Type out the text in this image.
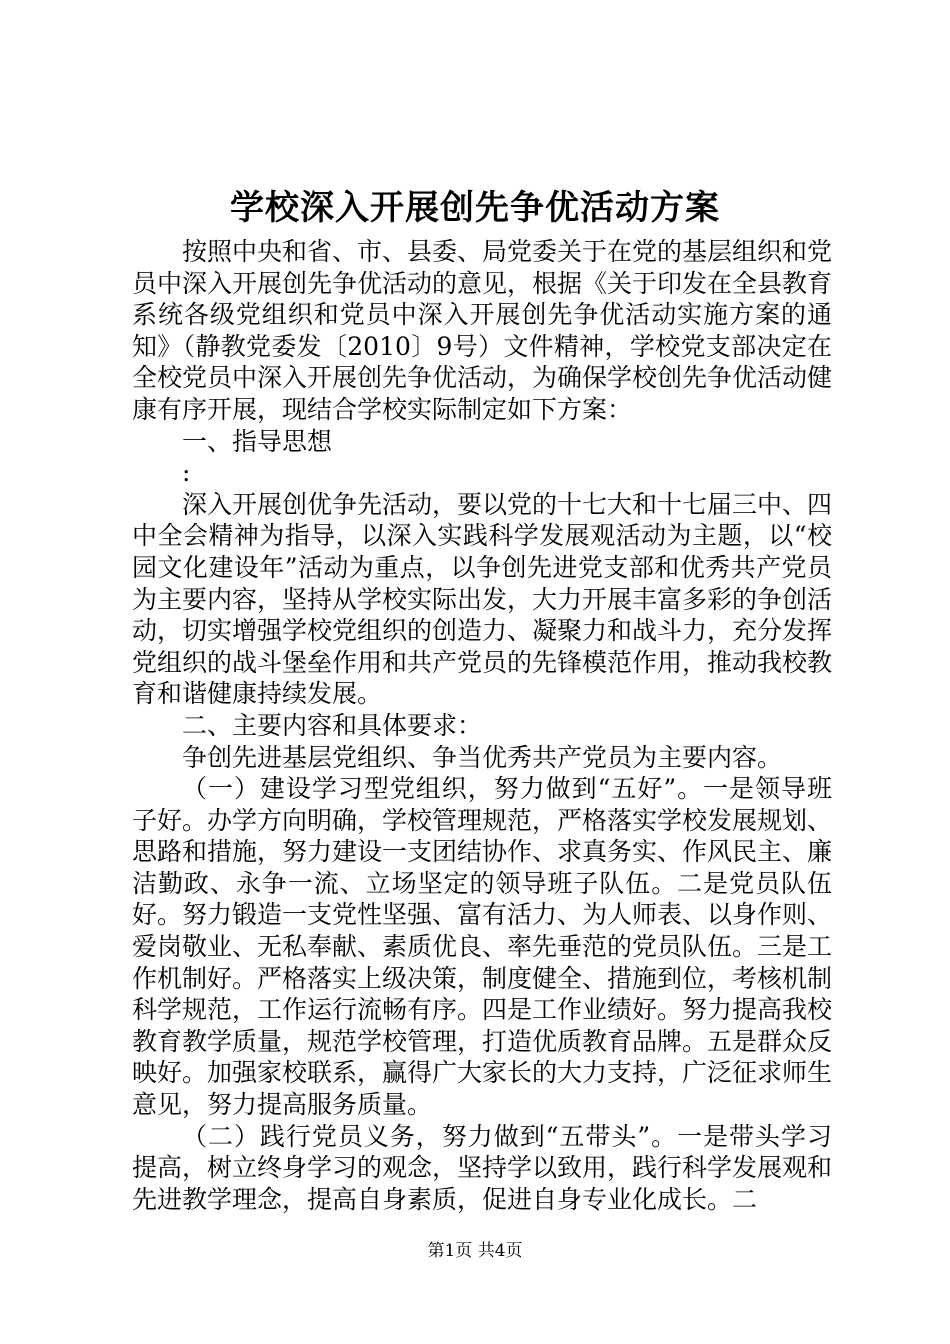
学校深入开展创先争优活动方案

按照中央和省、市、县委、局党委关于在党的基层组织和党员中深入开展创先争优活动的意见，根据《关于印发在全县教育系统各级党组织和党员中深入开展创先争优活动实施方案的通知》（静教党委发〔2010〕9号）文件精神，学校党支部决定在全校党员中深入开展创先争优活动，为确保学校创先争优活动健康有序开展，现结合学校实际制定如下方案：

一、指导思想

:

深入开展创优争先活动，要以党的十七大和十七届三中、四中全会精神为指导，以深入实践科学发展观活动为主题，以“校园文化建设年”活动为重点，以争创先进党支部和优秀共产党员为主要内容，坚持从学校实际出发，大力开展丰富多彩的争创活动，切实增强学校党组织的创造力、凝聚力和战斗力，充分发挥党组织的战斗堡垒作用和共产党员的先锋模范作用，推动我校教育和谐健康持续发展。

二、主要内容和具体要求：

争创先进基层党组织、争当优秀共产党员为主要内容。

（一）建设学习型党组织，努力做到“五好”。一是领导班子好。办学方向明确，学校管理规范，严格落实学校发展规划、思路和措施，努力建设一支团结协作、求真务实、作风民主、廉洁勤政、永争一流、立场坚定的领导班子队伍。二是党员队伍好。努力锻造一支党性坚强、富有活力、为人师表、以身作则、爱岗敬业、无私奉献、素质优良、率先垂范的党员队伍。三是工作机制好。严格落实上级决策，制度健全、措施到位，考核机制科学规范，工作运行流畅有序。四是工作业绩好。努力提高我校教育教学质量，规范学校管理，打造优质教育品牌。五是群众反映好。加强家校联系，赢得广大家长的大力支持，广泛征求师生意见，努力提高服务质量。

（二）践行党员义务，努力做到“五带头”。一是带头学习提高，树立终身学习的观念，坚持学以致用，践行科学发展观和先进教学理念，提高自身素质，促进自身专业化成长。二

第1页 共4页
